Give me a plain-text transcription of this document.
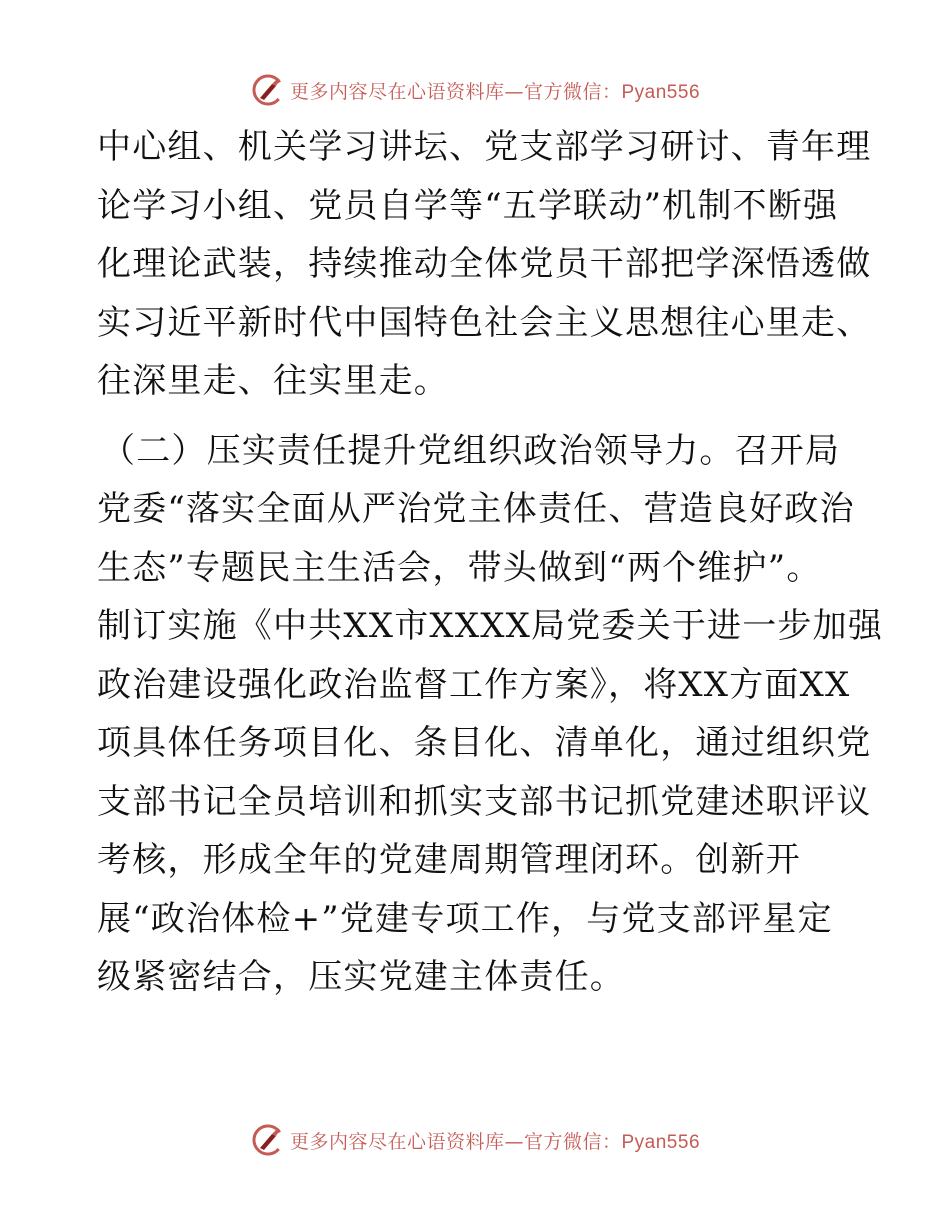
更多内容尽在心语资料库—官方微信：Pyan556
中心组、机关学习讲坛、党支部学习研讨、青年理
论学习小组、党员自学等“五学联动”机制不断强
化理论武装，持续推动全体党员干部把学深悟透做
实习近平新时代中国特色社会主义思想往心里走、
往深里走、往实里走。
（二）压实责任提升党组织政治领导力。召开局
党委“落实全面从严治党主体责任、营造良好政治
生态”专题民主生活会，带头做到“两个维护”。
制订实施《中共XX市XXXX局党委关于进一步加强
政治建设强化政治监督工作方案》，将XX方面XX
项具体任务项目化、条目化、清单化，通过组织党
支部书记全员培训和抓实支部书记抓党建述职评议
考核，形成全年的党建周期管理闭环。创新开
展“政治体检+”党建专项工作，与党支部评星定
级紧密结合，压实党建主体责任。
更多内容尽在心语资料库—官方微信：Pyan556
